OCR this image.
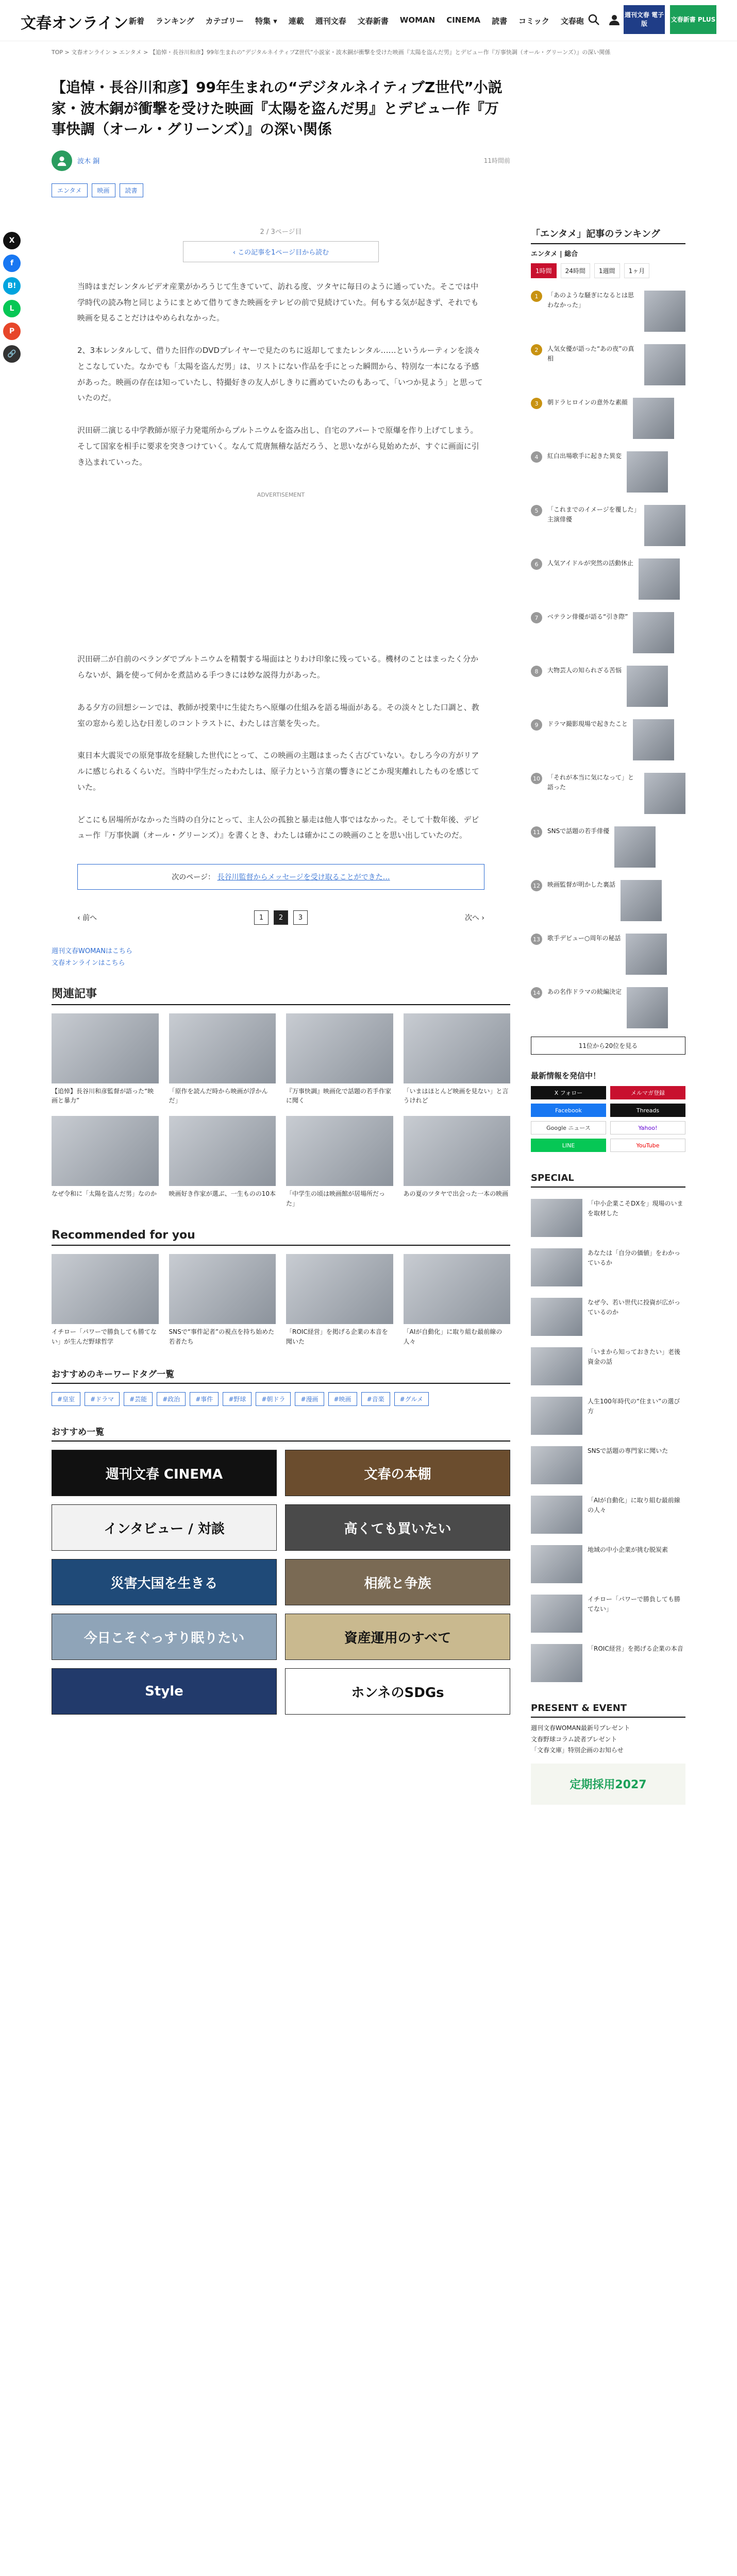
文春オンライン 新着 ランキング カテゴリー 特集 ▾ 連載 週刊文春 文春新書 WOMAN CINEMA 読書 コミック 文春砲
週刊文春 電子版
文春新書 PLUS
TOP > 文春オンライン > エンタメ > 【追悼・長谷川和彦】99年生まれの“デジタルネイティブZ世代”小説家・波木銅が衝撃を受けた映画『太陽を盗んだ男』とデビュー作『万事快調（オール・グリーンズ）』の深い関係
X
f
B!
L
P
🔗
【追悼・長谷川和彦】99年生まれの“デジタルネイティブZ世代”小説家・波木銅が衝撃を受けた映画『太陽を盗んだ男』とデビュー作『万事快調（オール・グリーンズ）』の深い関係
波木 銅	11時間前
エンタメ	映画	読書
2 / 3ページ目
‹ この記事を1ページ目から読む

当時はまだレンタルビデオ産業がかろうじて生きていて、訪れる度、ツタヤに毎日のように通っていた。そこでは中学時代の読み物と同じようにまとめて借りてきた映画をテレビの前で見続けていた。何もする気が起きず、それでも映画を見ることだけはやめられなかった。

2、3本レンタルして、借りた旧作のDVDプレイヤーで見たのちに返却してまたレンタル……というルーティンを淡々とこなしていた。なかでも「太陽を盗んだ男」は、リストにない作品を手にとった瞬間から、特別な一本になる予感があった。映画の存在は知っていたし、特撮好きの友人がしきりに薦めていたのもあって、「いつか見よう」と思っていたのだ。

沢田研二演じる中学教師が原子力発電所からプルトニウムを盗み出し、自宅のアパートで原爆を作り上げてしまう。そして国家を相手に要求を突きつけていく。なんて荒唐無稽な話だろう、と思いながら見始めたが、すぐに画面に引き込まれていった。

ADVERTISEMENT

沢田研二が自前のベランダでプルトニウムを精製する場面はとりわけ印象に残っている。機材のことはまったく分からないが、鍋を使って何かを煮詰める手つきには妙な説得力があった。

ある夕方の回想シーンでは、教師が授業中に生徒たちへ原爆の仕組みを語る場面がある。その淡々とした口調と、教室の窓から差し込む日差しのコントラストに、わたしは言葉を失った。

東日本大震災での原発事故を経験した世代にとって、この映画の主題はまったく古びていない。むしろ今の方がリアルに感じられるくらいだ。当時中学生だったわたしは、原子力という言葉の響きにどこか現実離れしたものを感じていた。

どこにも居場所がなかった当時の自分にとって、主人公の孤独と暴走は他人事ではなかった。そして十数年後、デビュー作『万事快調（オール・グリーンズ）』を書くとき、わたしは確かにこの映画のことを思い出していたのだ。

次のページ： 長谷川監督からメッセージを受け取ることができた…
‹ 前へ	1	2	3	次へ ›
週刊文春WOMANはこちら
文春オンラインはこちら
関連記事
【追悼】長谷川和彦監督が語った“映画と暴力”
「原作を読んだ時から映画が浮かんだ」
『万事快調』映画化で話題の若手作家に聞く
「いまはほとんど映画を見ない」と言うけれど
なぜ令和に「太陽を盗んだ男」なのか 映画好き作家が選ぶ、一生ものの10本 「中学生の頃は映画館が居場所だった」
あの夏のツタヤで出会った一本の映画
Recommended for you
イチロー「パワーで勝負しても勝てない」が生んだ野球哲学
SNSで“事件記者”の視点を持ち始めた若者たち
「ROIC経営」を掲げる企業の本音を聞いた
「AIが自動化」に取り組む最前線の人々
おすすめのキーワードタグ一覧
#皇室	#ドラマ	#芸能	#政治	#事件	#野球	#朝ドラ	#漫画	#映画	#音楽	#グルメ
おすすめ一覧
週刊文春 CINEMA	文春の本棚
インタビュー / 対談	高くても買いたい
災害大国を生きる	相続と争族
今日こそぐっすり眠りたい	資産運用のすべて
Style	ホンネのSDGs
「エンタメ」記事のランキング
エンタメ | 総合
1時間	24時間	1週間	1ヶ月
1	「あのような騒ぎになるとは思わなかった」
2	人気女優が語った“あの夜”の真相
3	朝ドラヒロインの意外な素顔
4	紅白出場歌手に起きた異変
5	「これまでのイメージを覆した」主演俳優
6	人気アイドルが突然の活動休止
7	ベテラン俳優が語る“引き際”
8	大物芸人の知られざる苦悩
9	ドラマ撮影現場で起きたこと
10	「それが本当に気になって」と語った
11	SNSで話題の若手俳優
12	映画監督が明かした裏話
13	歌手デビュー○周年の秘話
14	あの名作ドラマの続編決定
11位から20位を見る
最新情報を発信中！
X フォロー	メルマガ登録
Facebook	Threads
Google ニュース	Yahoo!
LINE	YouTube
SPECIAL
「中小企業こそDXを」現場のいまを取材した
あなたは「自分の価値」をわかっているか
なぜ今、若い世代に投資が広がっているのか
「いまから知っておきたい」老後資金の話
人生100年時代の“住まい”の選び方
SNSで話題の専門家に聞いた
「AIが自動化」に取り組む最前線の人々
地域の中小企業が挑む脱炭素
イチロー「パワーで勝負しても勝てない」
「ROIC経営」を掲げる企業の本音
PRESENT & EVENT
週刊文春WOMAN最新号プレゼント
文春野球コラム読者プレゼント
「文春文庫」特別企画のお知らせ
定期採用2027
